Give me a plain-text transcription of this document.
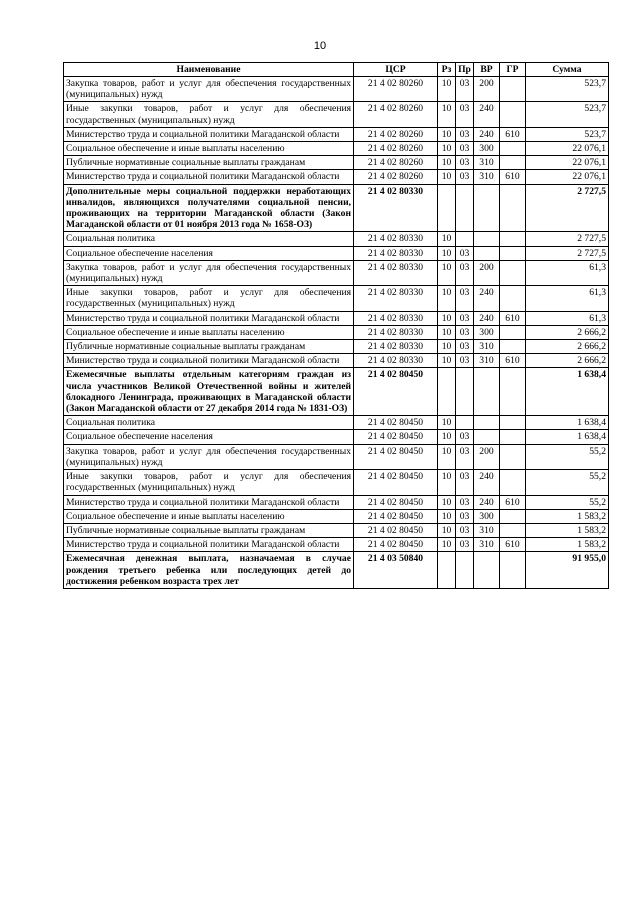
10
Наименование	ЦСР	Рз	Пр	ВР	ГР	Сумма
Закупка товаров, работ и услуг для обеспечения государственных (муниципальных) нужд	21 4 02 80260	10	03	200		523,7
Иные закупки товаров, работ и услуг для обеспечения государственных (муниципальных) нужд	21 4 02 80260	10	03	240		523,7
Министерство труда и социальной политики Магаданской области	21 4 02 80260	10	03	240	610	523,7
Социальное обеспечение и иные выплаты населению	21 4 02 80260	10	03	300		22 076,1
Публичные нормативные социальные выплаты гражданам	21 4 02 80260	10	03	310		22 076,1
Министерство труда и социальной политики Магаданской области	21 4 02 80260	10	03	310	610	22 076,1
Дополнительные меры социальной поддержки неработающих инвалидов, являющихся получателями социальной пенсии, проживающих на территории Магаданской области (Закон Магаданской области от 01 ноября 2013 года № 1658-ОЗ)	21 4 02 80330					2 727,5
Социальная политика	21 4 02 80330	10				2 727,5
Социальное обеспечение населения	21 4 02 80330	10	03			2 727,5
Закупка товаров, работ и услуг для обеспечения государственных (муниципальных) нужд	21 4 02 80330	10	03	200		61,3
Иные закупки товаров, работ и услуг для обеспечения государственных (муниципальных) нужд	21 4 02 80330	10	03	240		61,3
Министерство труда и социальной политики Магаданской области	21 4 02 80330	10	03	240	610	61,3
Социальное обеспечение и иные выплаты населению	21 4 02 80330	10	03	300		2 666,2
Публичные нормативные социальные выплаты гражданам	21 4 02 80330	10	03	310		2 666,2
Министерство труда и социальной политики Магаданской области	21 4 02 80330	10	03	310	610	2 666,2
Ежемесячные выплаты отдельным категориям граждан из числа участников Великой Отечественной войны и жителей блокадного Ленинграда, проживающих в Магаданской области (Закон Магаданской области от 27 декабря 2014 года № 1831-ОЗ)	21 4 02 80450					1 638,4
Социальная политика	21 4 02 80450	10				1 638,4
Социальное обеспечение населения	21 4 02 80450	10	03			1 638,4
Закупка товаров, работ и услуг для обеспечения государственных (муниципальных) нужд	21 4 02 80450	10	03	200		55,2
Иные закупки товаров, работ и услуг для обеспечения государственных (муниципальных) нужд	21 4 02 80450	10	03	240		55,2
Министерство труда и социальной политики Магаданской области	21 4 02 80450	10	03	240	610	55,2
Социальное обеспечение и иные выплаты населению	21 4 02 80450	10	03	300		1 583,2
Публичные нормативные социальные выплаты гражданам	21 4 02 80450	10	03	310		1 583,2
Министерство труда и социальной политики Магаданской области	21 4 02 80450	10	03	310	610	1 583,2
Ежемесячная денежная выплата, назначаемая в случае рождения третьего ребенка или последующих детей до достижения ребенком возраста трех лет	21 4 03 50840					91 955,0
